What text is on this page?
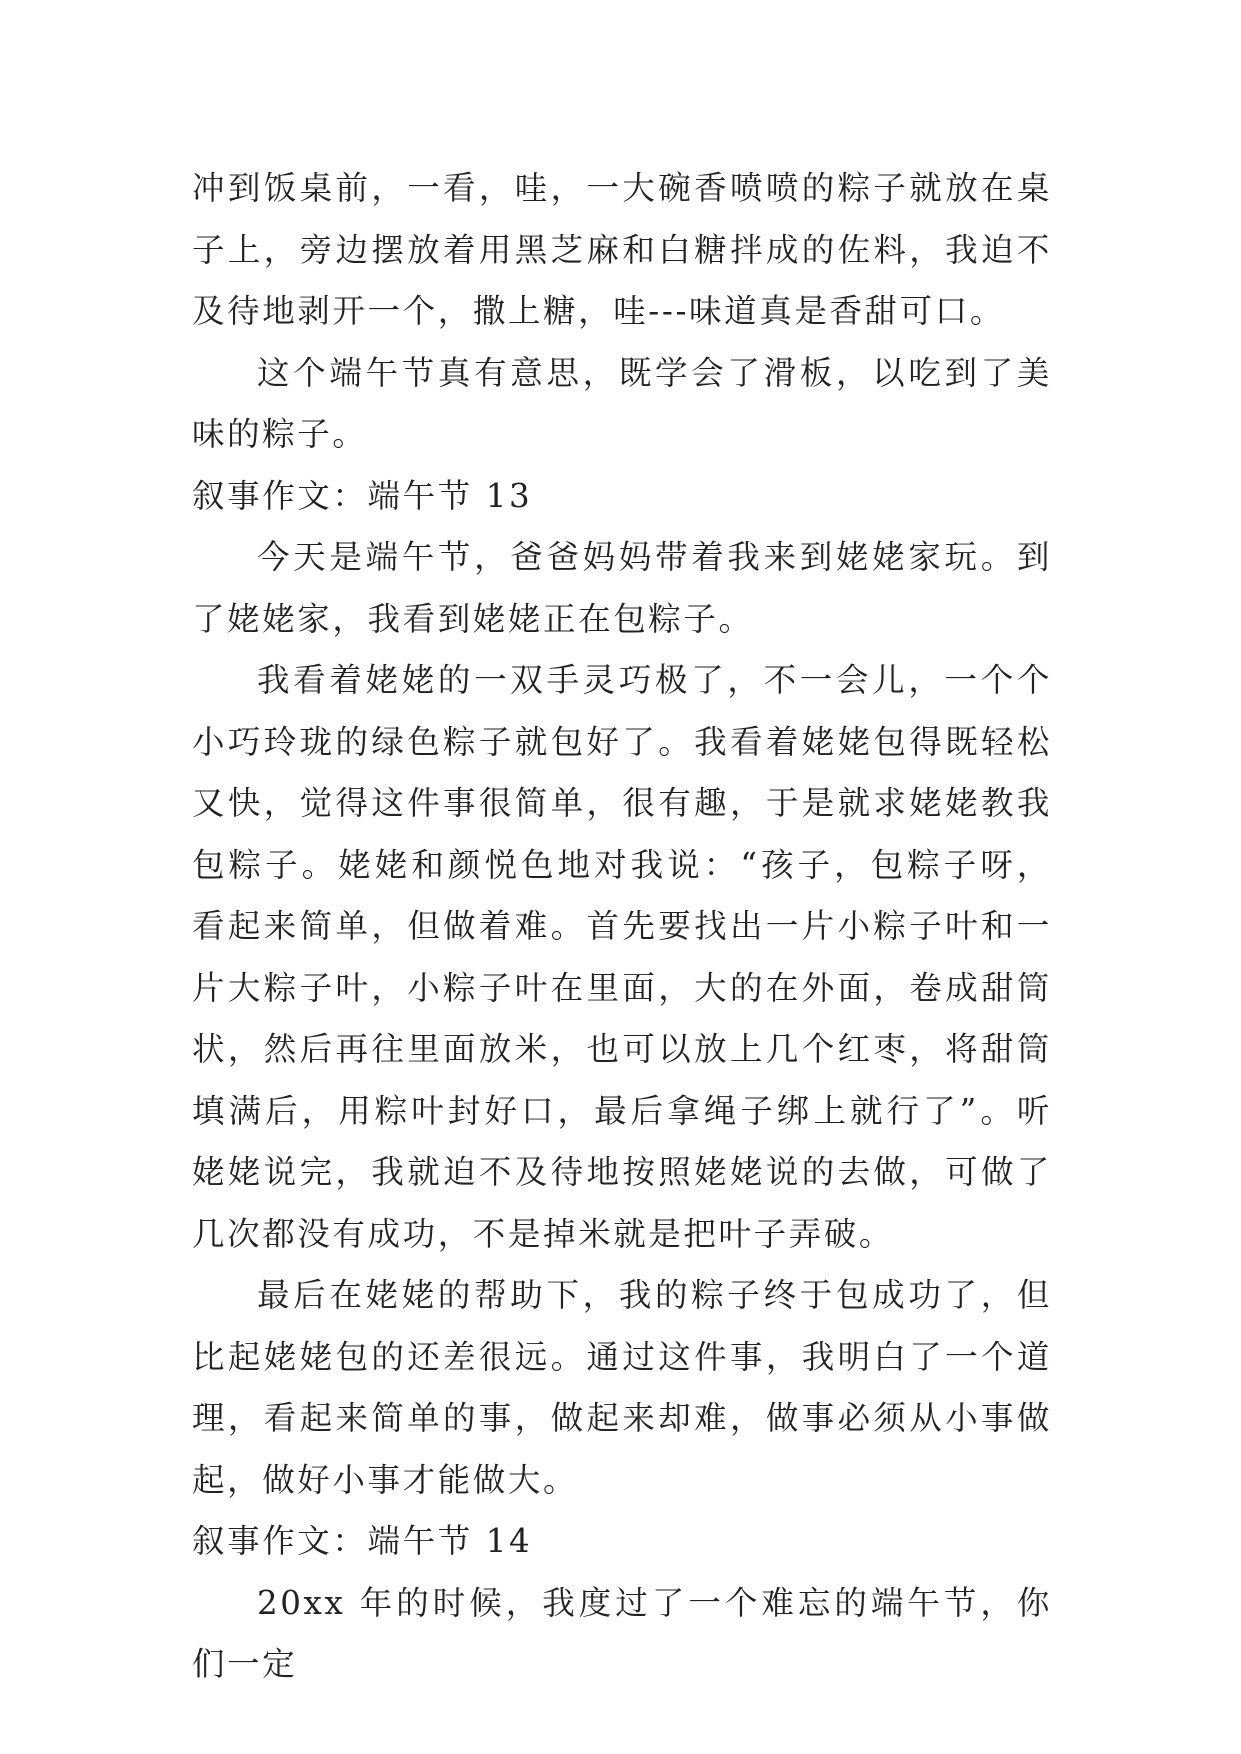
冲到饭桌前，一看，哇，一大碗香喷喷的粽子就放在桌子上，旁边摆放着用黑芝麻和白糖拌成的佐料，我迫不及待地剥开一个，撒上糖，哇---味道真是香甜可口。

这个端午节真有意思，既学会了滑板，以吃到了美味的粽子。

叙事作文：端午节 13

今天是端午节，爸爸妈妈带着我来到姥姥家玩。到了姥姥家，我看到姥姥正在包粽子。

我看着姥姥的一双手灵巧极了，不一会儿，一个个小巧玲珑的绿色粽子就包好了。我看着姥姥包得既轻松又快，觉得这件事很简单，很有趣，于是就求姥姥教我包粽子。姥姥和颜悦色地对我说：“孩子，包粽子呀，看起来简单，但做着难。首先要找出一片小粽子叶和一片大粽子叶，小粽子叶在里面，大的在外面，卷成甜筒状，然后再往里面放米，也可以放上几个红枣，将甜筒填满后，用粽叶封好口，最后拿绳子绑上就行了”。听姥姥说完，我就迫不及待地按照姥姥说的去做，可做了几次都没有成功，不是掉米就是把叶子弄破。

最后在姥姥的帮助下，我的粽子终于包成功了，但比起姥姥包的还差很远。通过这件事，我明白了一个道理，看起来简单的事，做起来却难，做事必须从小事做起，做好小事才能做大。

叙事作文：端午节 14

20xx 年的时候，我度过了一个难忘的端午节，你们一定
